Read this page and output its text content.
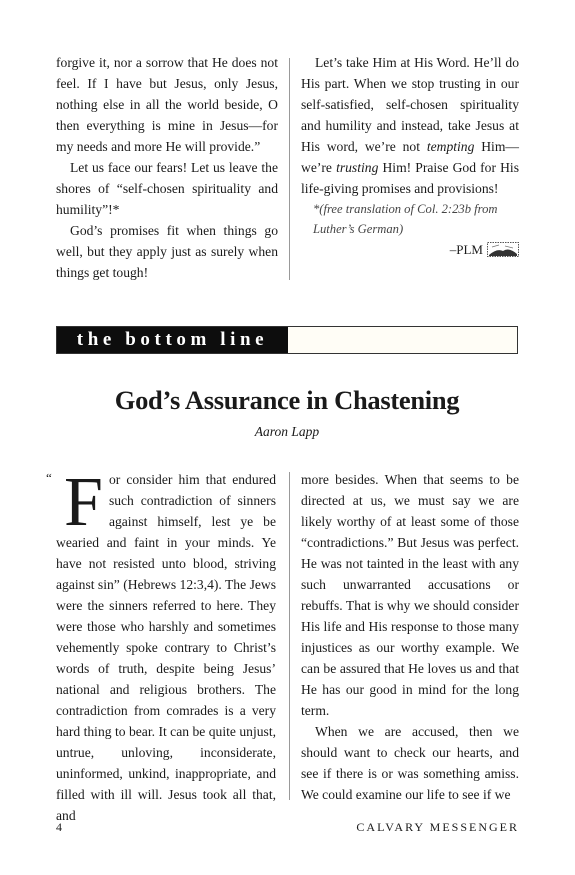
forgive it, nor a sorrow that He does not feel. If I have but Jesus, only Jesus, nothing else in all the world beside, O then everything is mine in Jesus—for my needs and more He will provide.”

Let us face our fears! Let us leave the shores of “self-chosen spirituality and humility”!*

God’s promises fit when things go well, but they apply just as surely when things get tough!

Let’s take Him at His Word. He’ll do His part. When we stop trusting in our self-satisfied, self-chosen spirituality and humility and instead, take Jesus at His word, we’re not tempting Him—we’re trusting Him! Praise God for His life-giving promises and provisions!

*(free translation of Col. 2:23b from Luther’s German)

–PLM

the bottom line
God’s Assurance in Chastening
Aaron Lapp
“ For consider him that endured such contradiction of sinners against himself, lest ye be wearied and faint in your minds. Ye have not resisted unto blood, striving against sin” (Hebrews 12:3,4). The Jews were the sinners referred to here. They were those who harshly and sometimes vehemently spoke contrary to Christ’s words of truth, despite being Jesus’ national and religious brothers. The contradiction from comrades is a very hard thing to bear. It can be quite unjust, untrue, unloving, inconsiderate, uninformed, unkind, inappropriate, and filled with ill will. Jesus took all that, and

more besides. When that seems to be directed at us, we must say we are likely worthy of at least some of those “contradictions.” But Jesus was perfect. He was not tainted in the least with any such unwarranted accusations or rebuffs. That is why we should consider His life and His response to those many injustices as our worthy example. We can be assured that He loves us and that He has our good in mind for the long term.

When we are accused, then we should want to check our hearts, and see if there is or was something amiss. We could examine our life to see if we

4	CALVARY MESSENGER
